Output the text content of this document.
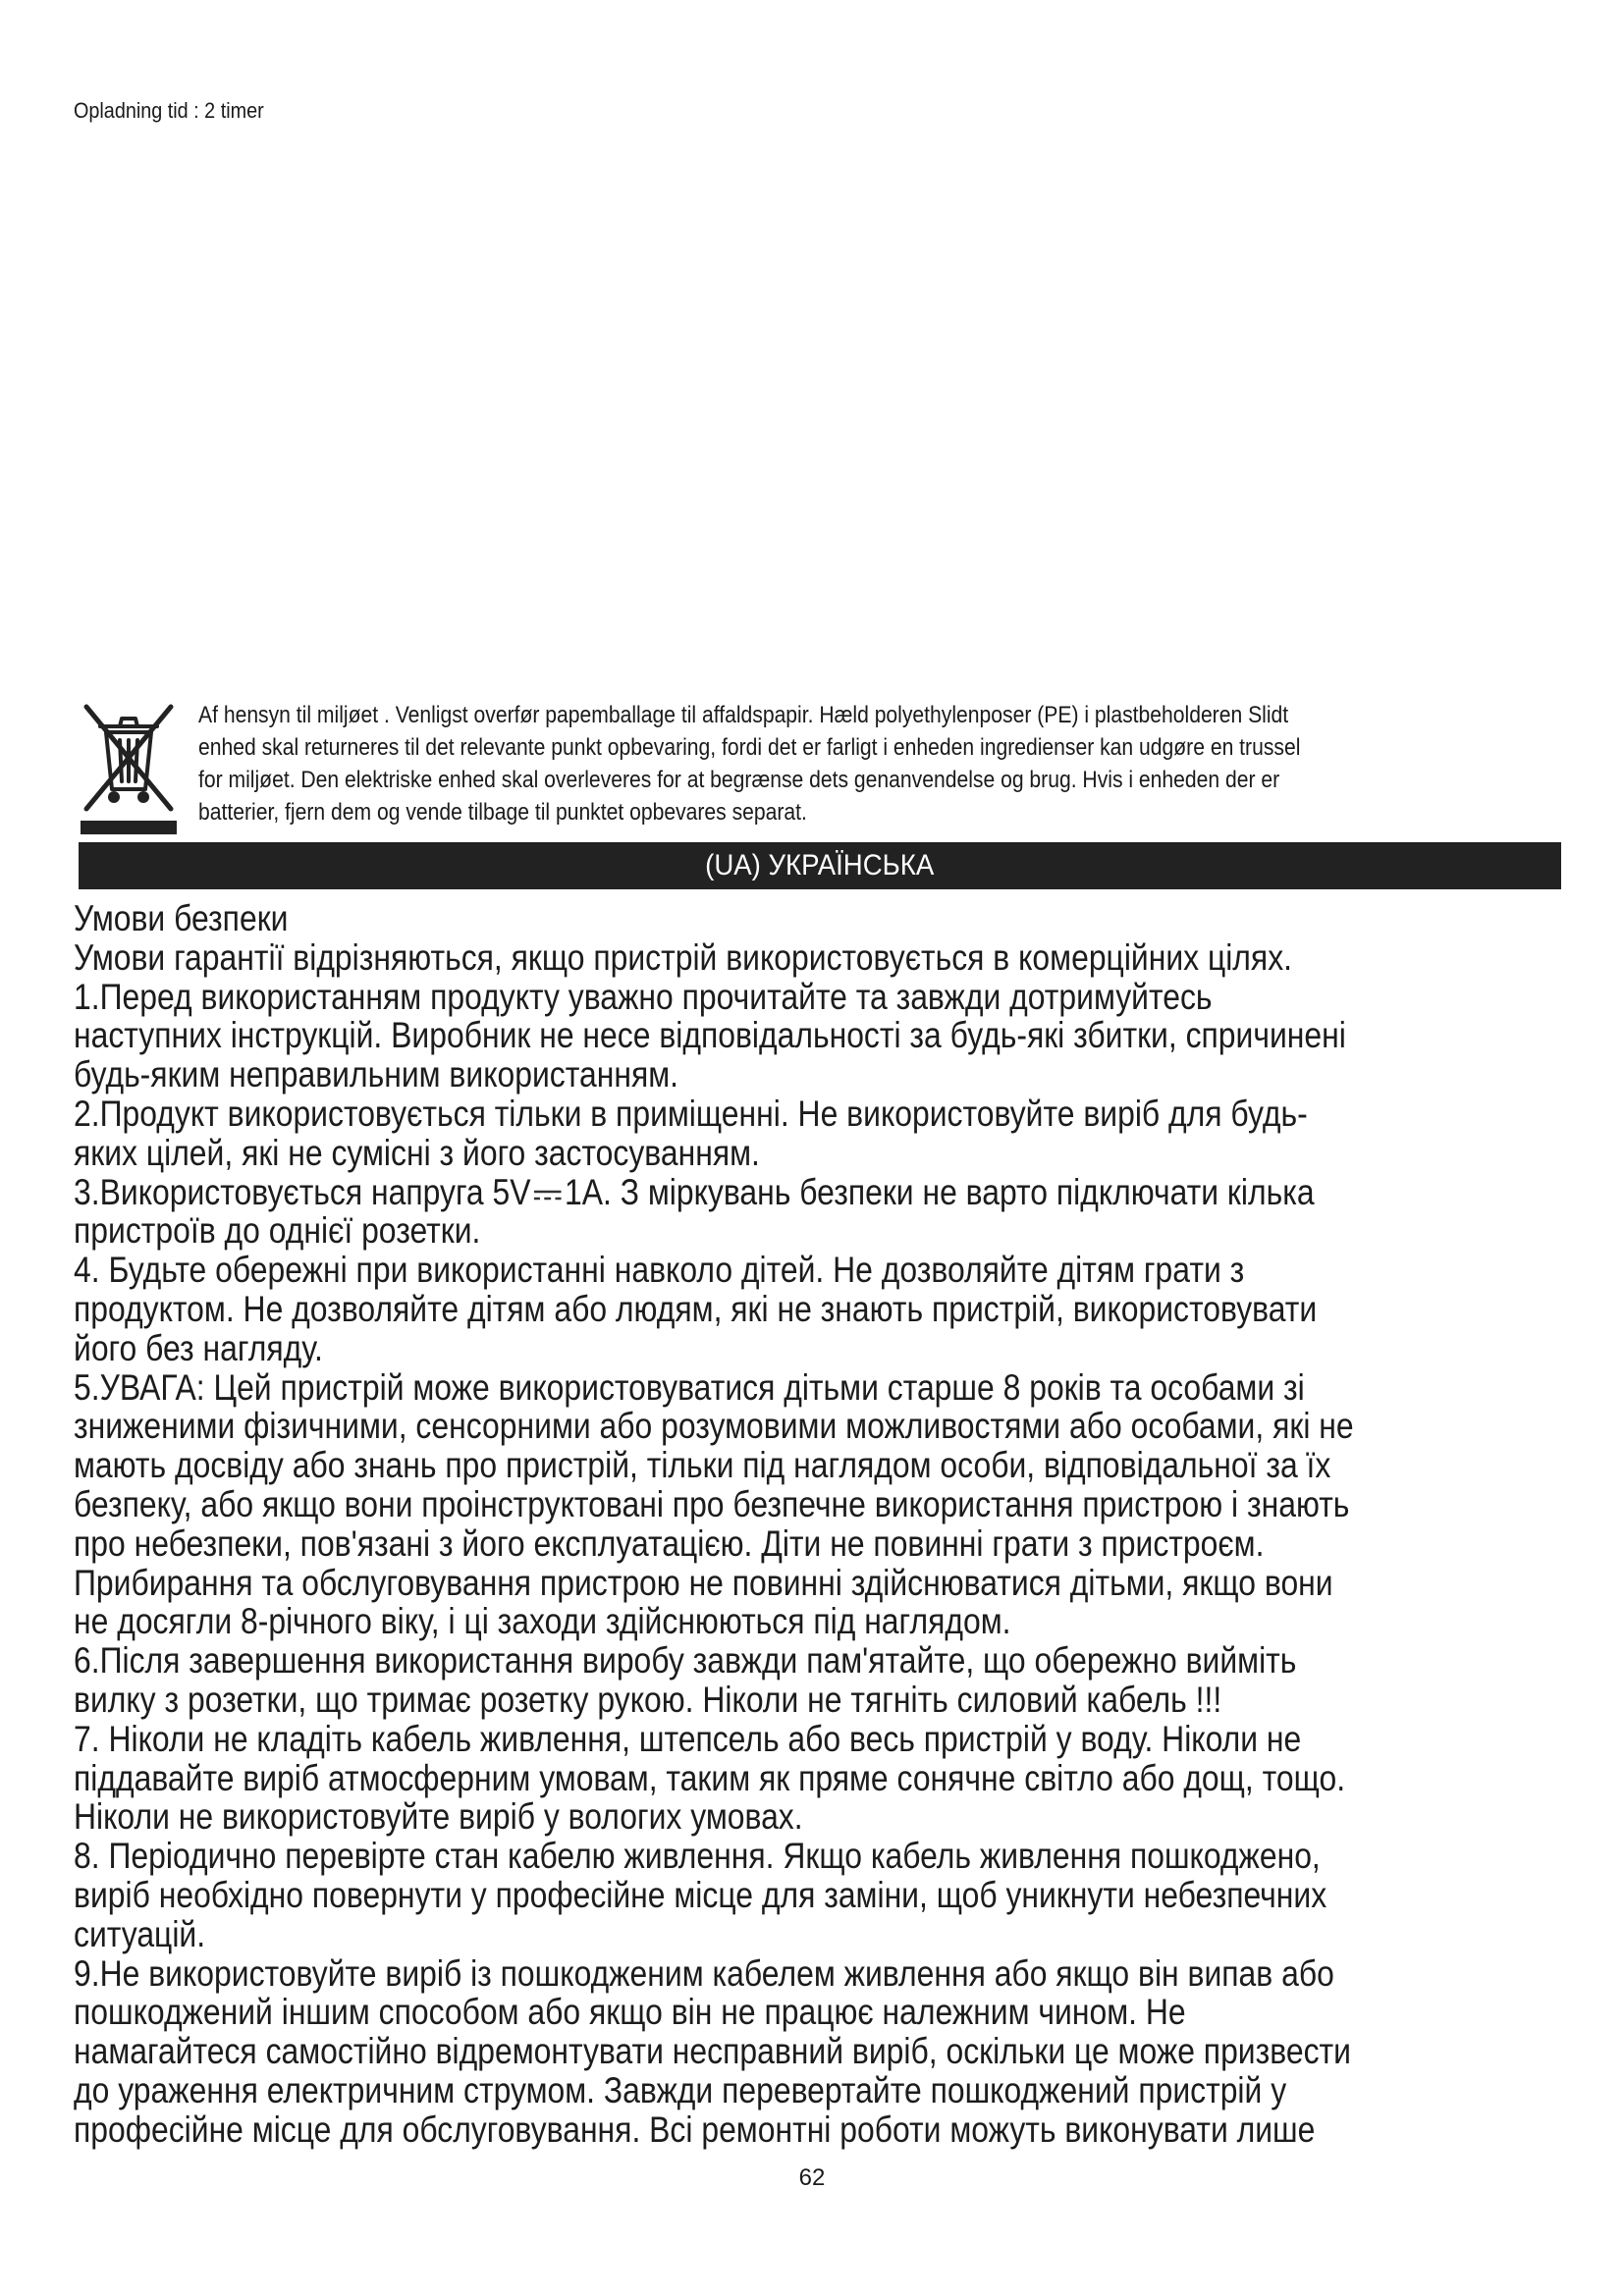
Opladning tid : 2 timer
Af hensyn til miljøet . Venligst overfør papemballage til affaldspapir. Hæld polyethylenposer (PE) i plastbeholderen Slidt
enhed skal returneres til det relevante punkt opbevaring, fordi det er farligt i enheden ingredienser kan udgøre en trussel
for miljøet. Den elektriske enhed skal overleveres for at begrænse dets genanvendelse og brug. Hvis i enheden der er
batterier, fjern dem og vende tilbage til punktet opbevares separat.
(UA) УКРАЇНСЬКА
Умови безпеки
Умови гарантії відрізняються, якщо пристрій використовується в комерційних цілях.
1.Перед використанням продукту уважно прочитайте та завжди дотримуйтесь
наступних інструкцій. Виробник не несе відповідальності за будь-які збитки, спричинені
будь-яким неправильним використанням.
2.Продукт використовується тільки в приміщенні. Не використовуйте виріб для будь-
яких цілей, які не сумісні з його застосуванням.
3.Використовується напруга 5V 1A. З міркувань безпеки не варто підключати кілька
пристроїв до однієї розетки.
4. Будьте обережні при використанні навколо дітей. Не дозволяйте дітям грати з
продуктом. Не дозволяйте дітям або людям, які не знають пристрій, використовувати
його без нагляду.
5.УВАГА: Цей пристрій може використовуватися дітьми старше 8 років та особами зі
зниженими фізичними, сенсорними або розумовими можливостями або особами, які не
мають досвіду або знань про пристрій, тільки під наглядом особи, відповідальної за їх
безпеку, або якщо вони проінструктовані про безпечне використання пристрою і знають
про небезпеки, пов'язані з його експлуатацією. Діти не повинні грати з пристроєм.
Прибирання та обслуговування пристрою не повинні здійснюватися дітьми, якщо вони
не досягли 8-річного віку, і ці заходи здійснюються під наглядом.
6.Після завершення використання виробу завжди пам'ятайте, що обережно вийміть
вилку з розетки, що тримає розетку рукою. Ніколи не тягніть силовий кабель !!!
7. Ніколи не кладіть кабель живлення, штепсель або весь пристрій у воду. Ніколи не
піддавайте виріб атмосферним умовам, таким як пряме сонячне світло або дощ, тощо.
Ніколи не використовуйте виріб у вологих умовах.
8. Періодично перевірте стан кабелю живлення. Якщо кабель живлення пошкоджено,
виріб необхідно повернути у професійне місце для заміни, щоб уникнути небезпечних
ситуацій.
9.Не використовуйте виріб із пошкодженим кабелем живлення або якщо він випав або
пошкоджений іншим способом або якщо він не працює належним чином. Не
намагайтеся самостійно відремонтувати несправний виріб, оскільки це може призвести
до ураження електричним струмом. Завжди перевертайте пошкоджений пристрій у
професійне місце для обслуговування. Всі ремонтні роботи можуть виконувати лише
62
